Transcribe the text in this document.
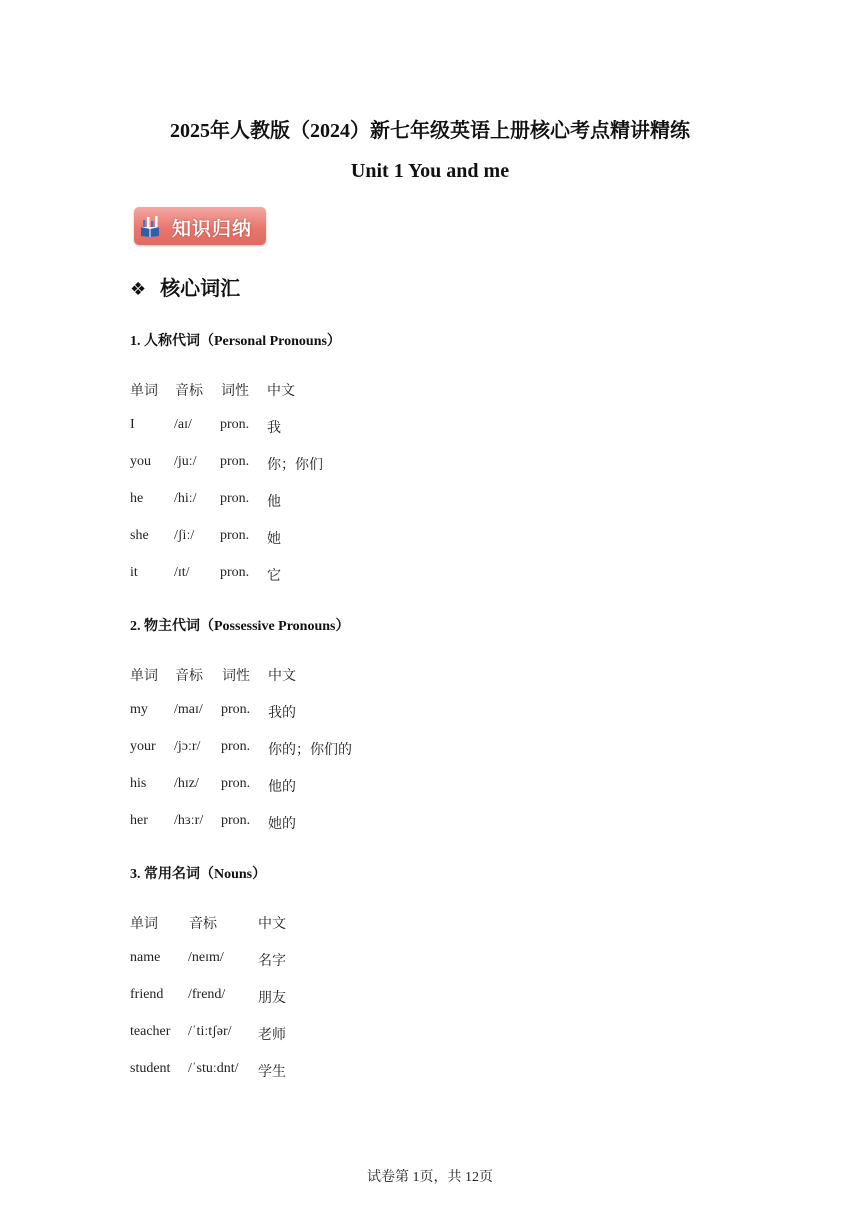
2025年人教版（2024）新七年级英语上册核心考点精讲精练
Unit 1 You and me
知识归纳
❖ 核心词汇
1. 人称代词（Personal Pronouns）
单词 音标 词性 中文
I	/aɪ/ pron. 我
you /juː/ pron. 你；你们
he /hiː/ pron. 他
she /ʃiː/ pron. 她
it	/ɪt/ pron. 它
2. 物主代词（Possessive Pronouns）
单词 音标 词性 中文
my /maɪ/ pron. 我的
your /jɔːr/ pron. 你的；你们的
his /hɪz/ pron. 他的
her /hɜːr/ pron. 她的
3. 常用名词（Nouns）
单词 音标	中文
name /neɪm/ 名字
friend /frend/ 朋友
teacher /ˈtiːtʃər/ 老师
student /ˈstuːdnt/ 学生
试卷第 1页，共 12页
